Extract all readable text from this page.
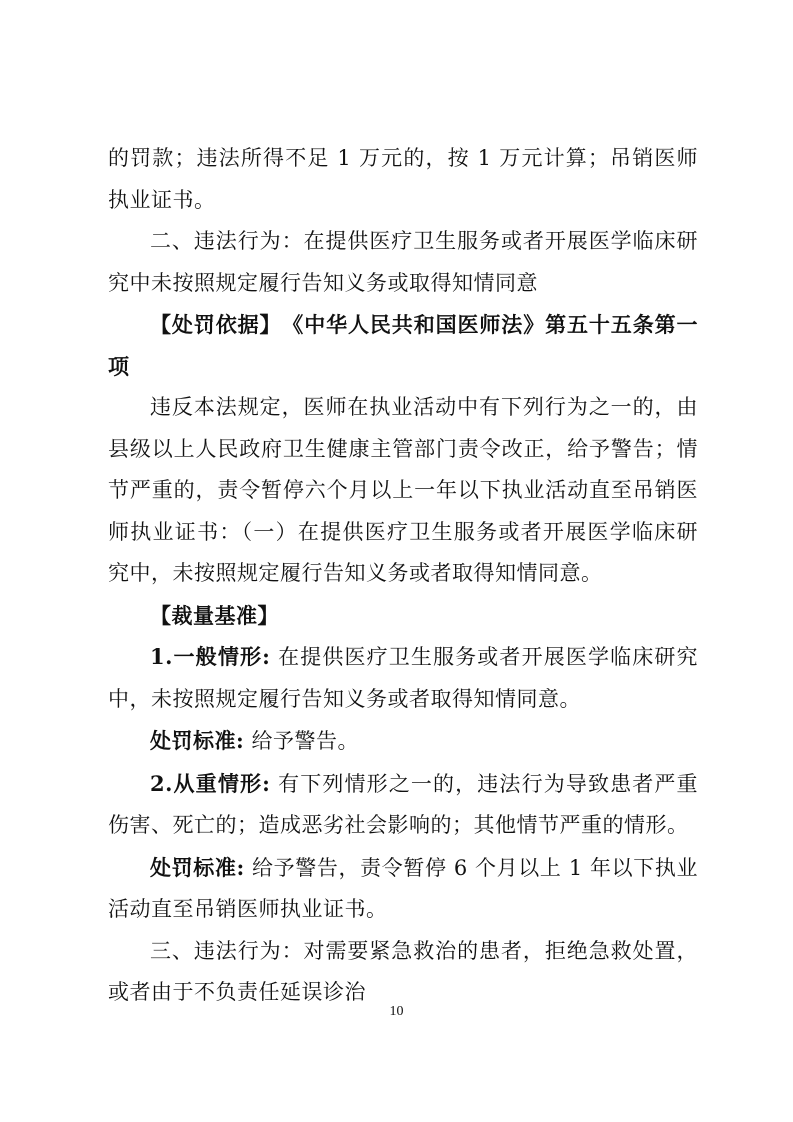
的罚款；违法所得不足 1 万元的，按 1 万元计算；吊销医师执业证书。

二、违法行为：在提供医疗卫生服务或者开展医学临床研究中未按照规定履行告知义务或取得知情同意

【处罚依据】　《中华人民共和国医师法》第五十五条第一项

违反本法规定，医师在执业活动中有下列行为之一的，由县级以上人民政府卫生健康主管部门责令改正，给予警告；情节严重的，责令暂停六个月以上一年以下执业活动直至吊销医师执业证书：（一）在提供医疗卫生服务或者开展医学临床研究中，未按照规定履行告知义务或者取得知情同意。

【裁量基准】

1.一般情形: 在提供医疗卫生服务或者开展医学临床研究中，未按照规定履行告知义务或者取得知情同意。

处罚标准: 给予警告。

2.从重情形: 有下列情形之一的，违法行为导致患者严重伤害、死亡的；造成恶劣社会影响的；其他情节严重的情形。

处罚标准: 给予警告，责令暂停 6 个月以上 1 年以下执业活动直至吊销医师执业证书。

三、违法行为：对需要紧急救治的患者，拒绝急救处置，或者由于不负责任延误诊治

10
